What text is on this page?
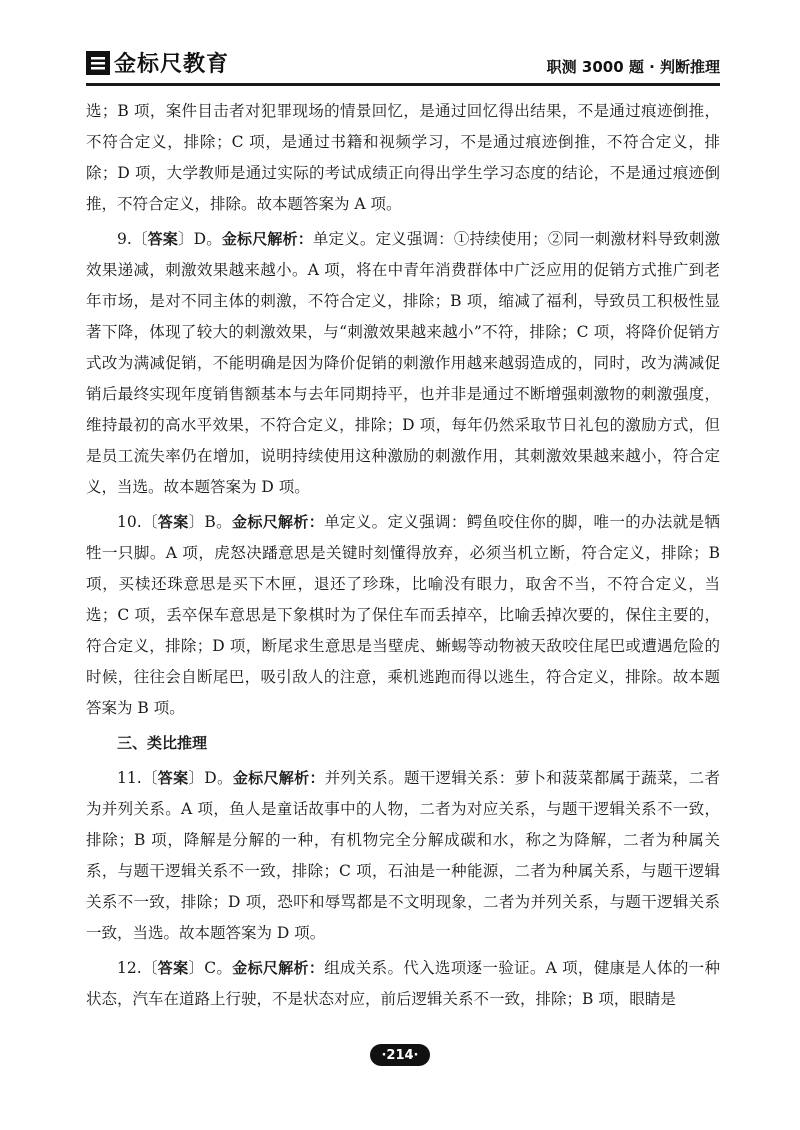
金标尺教育	职测 3000 题 · 判断推理

选；B 项，案件目击者对犯罪现场的情景回忆，是通过回忆得出结果，不是通过痕迹倒推，不符合定义，排除；C 项，是通过书籍和视频学习，不是通过痕迹倒推，不符合定义，排除；D 项，大学教师是通过实际的考试成绩正向得出学生学习态度的结论，不是通过痕迹倒推，不符合定义，排除。故本题答案为 A 项。

9.〔答案〕D。金标尺解析：单定义。定义强调：①持续使用；②同一刺激材料导致刺激效果递减，刺激效果越来越小。A 项，将在中青年消费群体中广泛应用的促销方式推广到老年市场，是对不同主体的刺激，不符合定义，排除；B 项，缩减了福利，导致员工积极性显著下降，体现了较大的刺激效果，与“刺激效果越来越小”不符，排除；C 项，将降价促销方式改为满减促销，不能明确是因为降价促销的刺激作用越来越弱造成的，同时，改为满减促销后最终实现年度销售额基本与去年同期持平，也并非是通过不断增强刺激物的刺激强度，维持最初的高水平效果，不符合定义，排除；D 项，每年仍然采取节日礼包的激励方式，但是员工流失率仍在增加，说明持续使用这种激励的刺激作用，其刺激效果越来越小，符合定义，当选。故本题答案为 D 项。

10.〔答案〕B。金标尺解析：单定义。定义强调：鳄鱼咬住你的脚，唯一的办法就是牺牲一只脚。A 项，虎怒决蹯意思是关键时刻懂得放弃，必须当机立断，符合定义，排除；B 项，买椟还珠意思是买下木匣，退还了珍珠，比喻没有眼力，取舍不当，不符合定义，当选；C 项，丢卒保车意思是下象棋时为了保住车而丢掉卒，比喻丢掉次要的，保住主要的，符合定义，排除；D 项，断尾求生意思是当壁虎、蜥蜴等动物被天敌咬住尾巴或遭遇危险的时候，往往会自断尾巴，吸引敌人的注意，乘机逃跑而得以逃生，符合定义，排除。故本题答案为 B 项。

三、类比推理

11.〔答案〕D。金标尺解析：并列关系。题干逻辑关系：萝卜和菠菜都属于蔬菜，二者为并列关系。A 项，鱼人是童话故事中的人物，二者为对应关系，与题干逻辑关系不一致，排除；B 项，降解是分解的一种，有机物完全分解成碳和水，称之为降解，二者为种属关系，与题干逻辑关系不一致，排除；C 项，石油是一种能源，二者为种属关系，与题干逻辑关系不一致，排除；D 项，恐吓和辱骂都是不文明现象，二者为并列关系，与题干逻辑关系一致，当选。故本题答案为 D 项。

12.〔答案〕C。金标尺解析：组成关系。代入选项逐一验证。A 项，健康是人体的一种状态，汽车在道路上行驶，不是状态对应，前后逻辑关系不一致，排除；B 项，眼睛是

·214·
